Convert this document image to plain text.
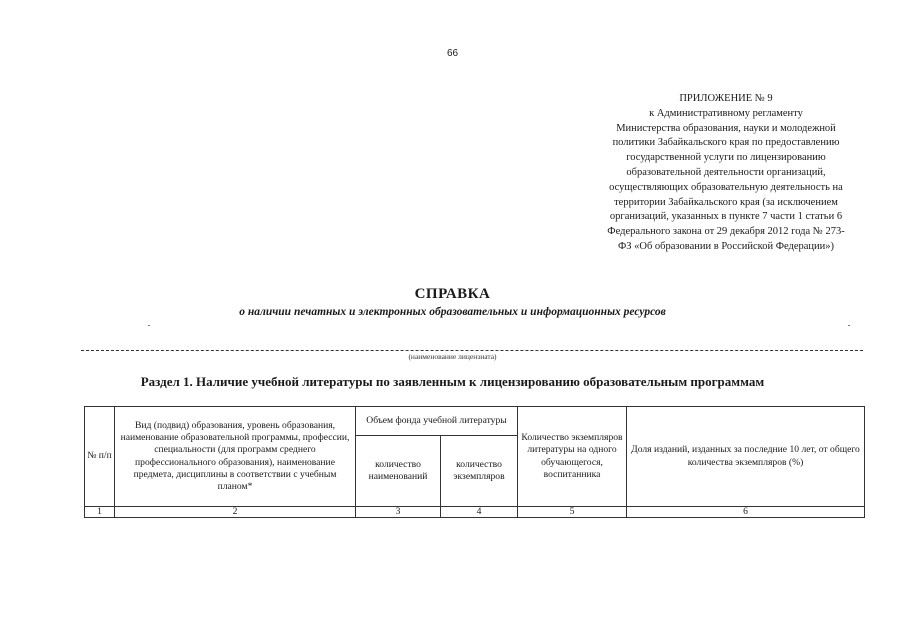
66
ПРИЛОЖЕНИЕ № 9
к Административному регламенту
Министерства образования, науки и молодежной
политики Забайкальского края по предоставлению
государственной услуги по лицензированию
образовательной деятельности организаций,
осуществляющих образовательную деятельность на
территории Забайкальского края (за исключением
организаций, указанных в пункте 7 части 1 статьи 6
Федерального закона от 29 декабря 2012 года № 273-
ФЗ «Об образовании в Российской Федерации»)
СПРАВКА
о наличии печатных и электронных образовательных и информационных ресурсов
(наименование лицензиата)
Раздел 1. Наличие учебной литературы по заявленным к лицензированию образовательным программам
№ п/п	Вид (подвид) образования, уровень образования, наименование образовательной программы, профессии, специальности (для программ среднего профессионального образования), наименование предмета, дисциплины в соответствии с учебным планом*	Объем фонда учебной литературы		Количество экземпляров литературы на одного обучающегося, воспитанника	Доля изданий, изданных за последние 10 лет, от общего количества экземпляров (%)
		количество наименований	количество экземпляров		
1	2	3	4	5	6
